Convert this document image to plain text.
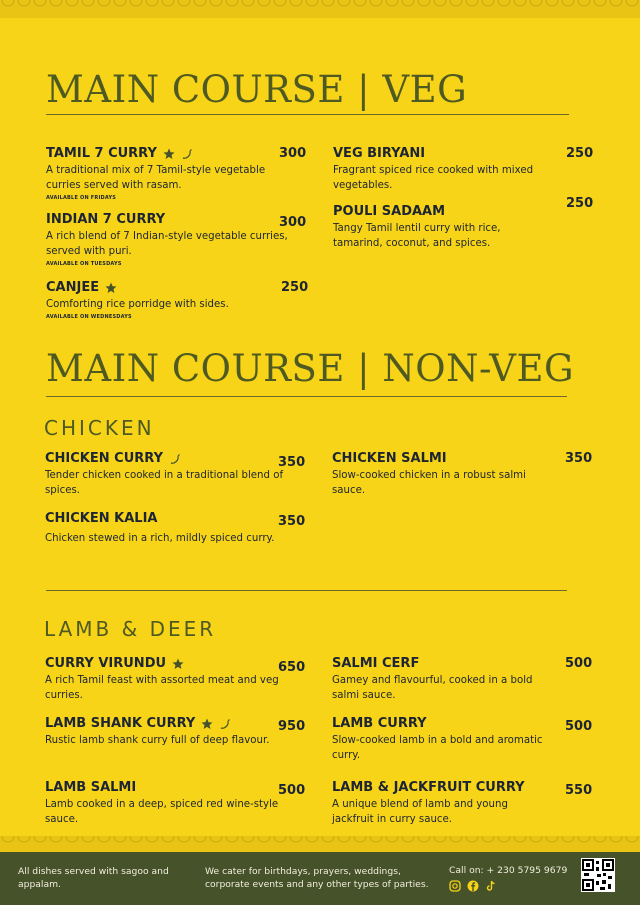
MAIN COURSE | VEG
TAMIL 7 CURRY
A traditional mix of 7 Tamil-style vegetable curries served with rasam.
AVAILABLE ON FRIDAYS
300
INDIAN 7 CURRY
A rich blend of 7 Indian-style vegetable curries, served with puri.
AVAILABLE ON TUESDAYS
300
CANJEE
Comforting rice porridge with sides.
AVAILABLE ON WEDNESDAYS
250
VEG BIRYANI
Fragrant spiced rice cooked with mixed vegetables.
250
POULI SADAAM
Tangy Tamil lentil curry with rice, tamarind, coconut, and spices.
250
MAIN COURSE | NON-VEG
CHICKEN
CHICKEN CURRY
Tender chicken cooked in a traditional blend of spices.
350
CHICKEN KALIA
Chicken stewed in a rich, mildly spiced curry.
350
CHICKEN SALMI
Slow-cooked chicken in a robust salmi sauce.
350
LAMB & DEER
CURRY VIRUNDU
A rich Tamil feast with assorted meat and veg curries.
650
LAMB SHANK CURRY
Rustic lamb shank curry full of deep flavour.
950
LAMB SALMI
Lamb cooked in a deep, spiced red wine-style sauce.
500
SALMI CERF
Gamey and flavourful, cooked in a bold salmi sauce.
500
LAMB CURRY
Slow-cooked lamb in a bold and aromatic curry.
500
LAMB & JACKFRUIT CURRY
A unique blend of lamb and young jackfruit in curry sauce.
550
All dishes served with sagoo and appalam.
We cater for birthdays, prayers, weddings, corporate events and any other types of parties.
Call on: + 230 5795 9679
